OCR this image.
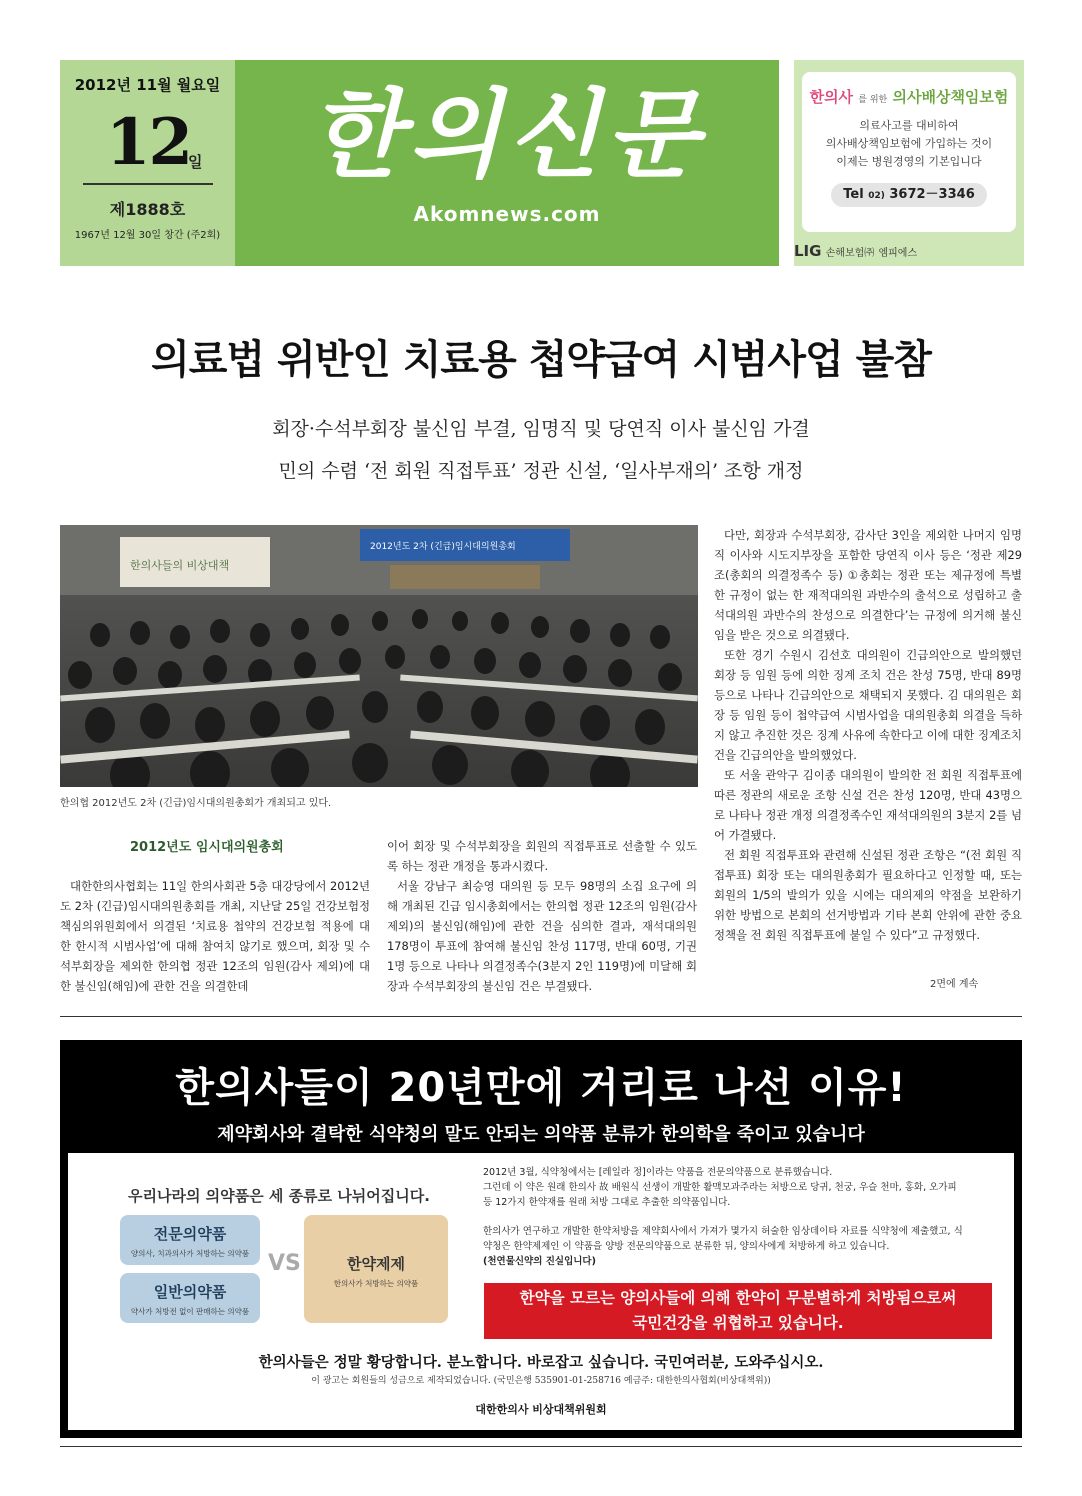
2012년 11월 월요일
12
일
제1888호
1967년 12월 30일 창간 (주2회)
한의신문
Akomnews.com
한의사 를 위한 의사배상책임보험
의료사고를 대비하여
의사배상책임보험에 가입하는 것이
이제는 병원경영의 기본입니다
Tel 02) 3672－3346
LIG 손해보험㈜ 엠피에스
의료법 위반인 치료용 첩약급여 시범사업 불참
회장·수석부회장 불신임 부결, 임명직 및 당연직 이사 불신임 가결
민의 수렴 ‘전 회원 직접투표’ 정관 신설, ‘일사부재의’ 조항 개정
한의사들의 비상대책
2012년도 2차 (긴급)임시대의원총회
한의협 2012년도 2차 (긴급)임시대의원총회가 개최되고 있다.
2012년도 임시대의원총회

대한한의사협회는 11일 한의사회관 5층 대강당에서 2012년도 2차 (긴급)임시대의원총회를 개최, 지난달 25일 건강보험정책심의위원회에서 의결된 ‘치료용 첩약의 건강보험 적용에 대한 한시적 시범사업’에 대해 참여치 않기로 했으며, 회장 및 수석부회장을 제외한 한의협 정관 12조의 임원(감사 제외)에 대한 불신임(해임)에 관한 건을 의결한데

이어 회장 및 수석부회장을 회원의 직접투표로 선출할 수 있도록 하는 정관 개정을 통과시켰다.

서울 강남구 최승영 대의원 등 모두 98명의 소집 요구에 의해 개최된 긴급 임시총회에서는 한의협 정관 12조의 임원(감사 제외)의 불신임(해임)에 관한 건을 심의한 결과, 재석대의원 178명이 투표에 참여해 불신임 찬성 117명, 반대 60명, 기권 1명 등으로 나타나 의결정족수(3분지 2인 119명)에 미달해 회장과 수석부회장의 불신임 건은 부결됐다.

다만, 회장과 수석부회장, 감사단 3인을 제외한 나머지 임명직 이사와 시도지부장을 포함한 당연직 이사 등은 ‘정관 제29조(총회의 의결정족수 등) ①총회는 정관 또는 제규정에 특별한 규정이 없는 한 재적대의원 과반수의 출석으로 성립하고 출석대의원 과반수의 찬성으로 의결한다’는 규정에 의거해 불신임을 받은 것으로 의결됐다.

또한 경기 수원시 김선호 대의원이 긴급의안으로 발의했던 회장 등 임원 등에 의한 징계 조치 건은 찬성 75명, 반대 89명 등으로 나타나 긴급의안으로 채택되지 못했다. 김 대의원은 회장 등 임원 등이 첩약급여 시범사업을 대의원총회 의결을 득하지 않고 추진한 것은 징계 사유에 속한다고 이에 대한 징계조치 건을 긴급의안을 발의했었다.

또 서울 관악구 김이종 대의원이 발의한 전 회원 직접투표에 따른 정관의 새로운 조항 신설 건은 찬성 120명, 반대 43명으로 나타나 정관 개정 의결정족수인 재석대의원의 3분지 2를 넘어 가결됐다.

전 회원 직접투표와 관련해 신설된 정관 조항은 “(전 회원 직접투표) 회장 또는 대의원총회가 필요하다고 인정할 때, 또는 회원의 1/5의 발의가 있을 시에는 대의제의 약점을 보완하기 위한 방법으로 본회의 선거방법과 기타 본회 안위에 관한 중요정책을 전 회원 직접투표에 붙일 수 있다”고 규정했다.

2면에 계속
한의사들이 20년만에 거리로 나선 이유!
제약회사와 결탁한 식약청의 말도 안되는 의약품 분류가 한의학을 죽이고 있습니다
우리나라의 의약품은 세 종류로 나뉘어집니다.
전문의약품
양의사, 치과의사가 처방하는 의약품
일반의약품
약사가 처방전 없이 판매하는 의약품
VS	한약제제
한의사가 처방하는 의약품
2012년 3월, 식약청에서는 [레일라 정]이라는 약품을 전문의약품으로 분류했습니다.
그런데 이 약은 원래 한의사 故 배원식 선생이 개발한 활맥모과주라는 처방으로 당귀, 천궁, 우슬 천마, 홍화, 오가피
등 12가지 한약재를 원래 처방 그대로 추출한 의약품입니다.
한의사가 연구하고 개발한 한약처방을 제약회사에서 가져가 몇가지 허술한 임상데이타 자료를 식약청에 제출했고, 식
약청은 한약제제인 이 약품을 양방 전문의약품으로 분류한 뒤, 양의사에게 처방하게 하고 있습니다.
(천연물신약의 진실입니다)
한약을 모르는 양의사들에 의해 한약이 무분별하게 처방됨으로써
국민건강을 위협하고 있습니다.
한의사들은 정말 황당합니다. 분노합니다. 바로잡고 싶습니다. 국민여러분, 도와주십시오.
이 광고는 회원들의 성금으로 제작되었습니다. (국민은행 535901-01-258716 예금주: 대한한의사협회(비상대책위))
대한한의사 비상대책위원회
